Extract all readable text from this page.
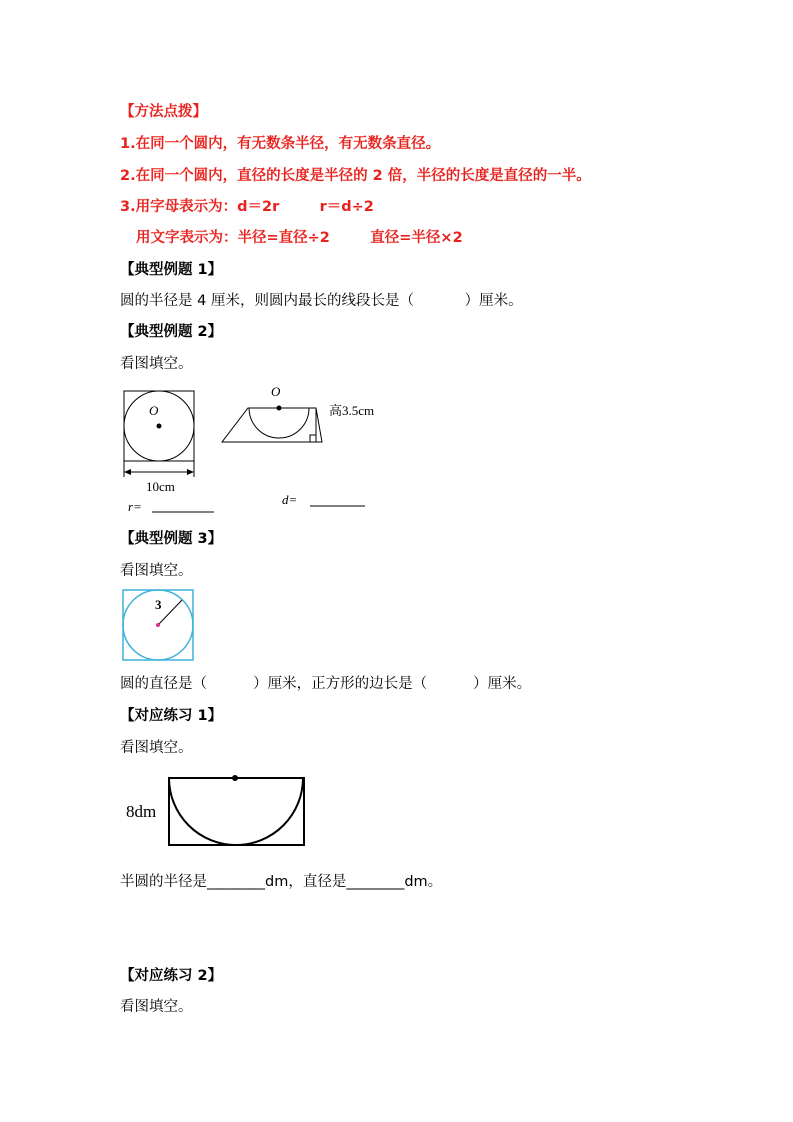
【方法点拨】
1.在同一个圆内，有无数条半径，有无数条直径。
2.在同一个圆内，直径的长度是半径的 2 倍，半径的长度是直径的一半。
3.用字母表示为：d＝2r        r＝d÷2
用文字表示为：半径=直径÷2        直径=半径×2
【典型例题 1】
圆的半径是 4 厘米，则圆内最长的线段长是（           ）厘米。
【典型例题 2】
看图填空。
O
10cm
r=
O
高3.5cm
d=
【典型例题 3】
看图填空。
3
圆的直径是（          ）厘米，正方形的边长是（          ）厘米。
【对应练习 1】
看图填空。
8dm
半圆的半径是________dm，直径是________dm。
【对应练习 2】
看图填空。
